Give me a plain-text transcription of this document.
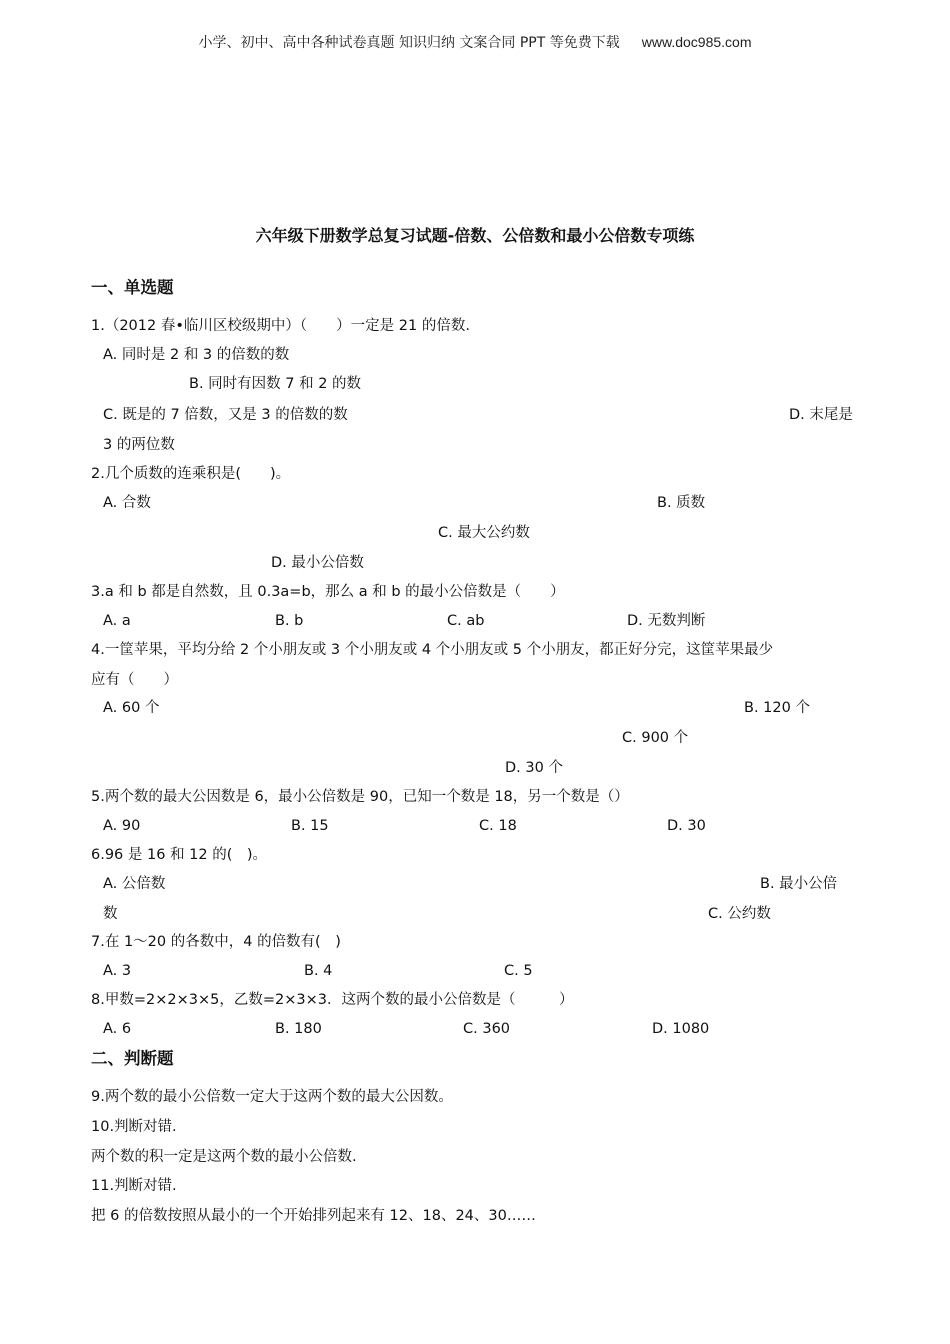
小学、初中、高中各种试卷真题 知识归纳 文案合同 PPT 等免费下载 www.doc985.com
六年级下册数学总复习试题-倍数、公倍数和最小公倍数专项练
一、单选题
1.（2012 春•临川区校级期中）（　　）一定是 21 的倍数.
A. 同时是 2 和 3 的倍数的数
B. 同时有因数 7 和 2 的数
C. 既是的 7 倍数，又是 3 的倍数的数	D. 末尾是
3 的两位数
2.几个质数的连乘积是(　　)。
A. 合数	B. 质数
C. 最大公约数
D. 最小公倍数
3.a 和 b 都是自然数，且 0.3a=b，那么 a 和 b 的最小公倍数是（　　）
A. a	B. b	C. ab	D. 无数判断
4.一筐苹果，平均分给 2 个小朋友或 3 个小朋友或 4 个小朋友或 5 个小朋友，都正好分完，这筐苹果最少
应有（　　）
A. 60 个	B. 120 个
C. 900 个
D. 30 个
5.两个数的最大公因数是 6，最小公倍数是 90，已知一个数是 18，另一个数是（）
A. 90	B. 15	C. 18	D. 30
6.96 是 16 和 12 的(　)。
A. 公倍数	B. 最小公倍
数	C. 公约数
7.在 1～20 的各数中，4 的倍数有(　)
A. 3	B. 4	C. 5
8.甲数=2×2×3×5，乙数=2×3×3．这两个数的最小公倍数是（　　　）
A. 6	B. 180	C. 360	D. 1080
二、判断题
9.两个数的最小公倍数一定大于这两个数的最大公因数。
10.判断对错.
两个数的积一定是这两个数的最小公倍数.
11.判断对错.
把 6 的倍数按照从最小的一个开始排列起来有 12、18、24、30……
